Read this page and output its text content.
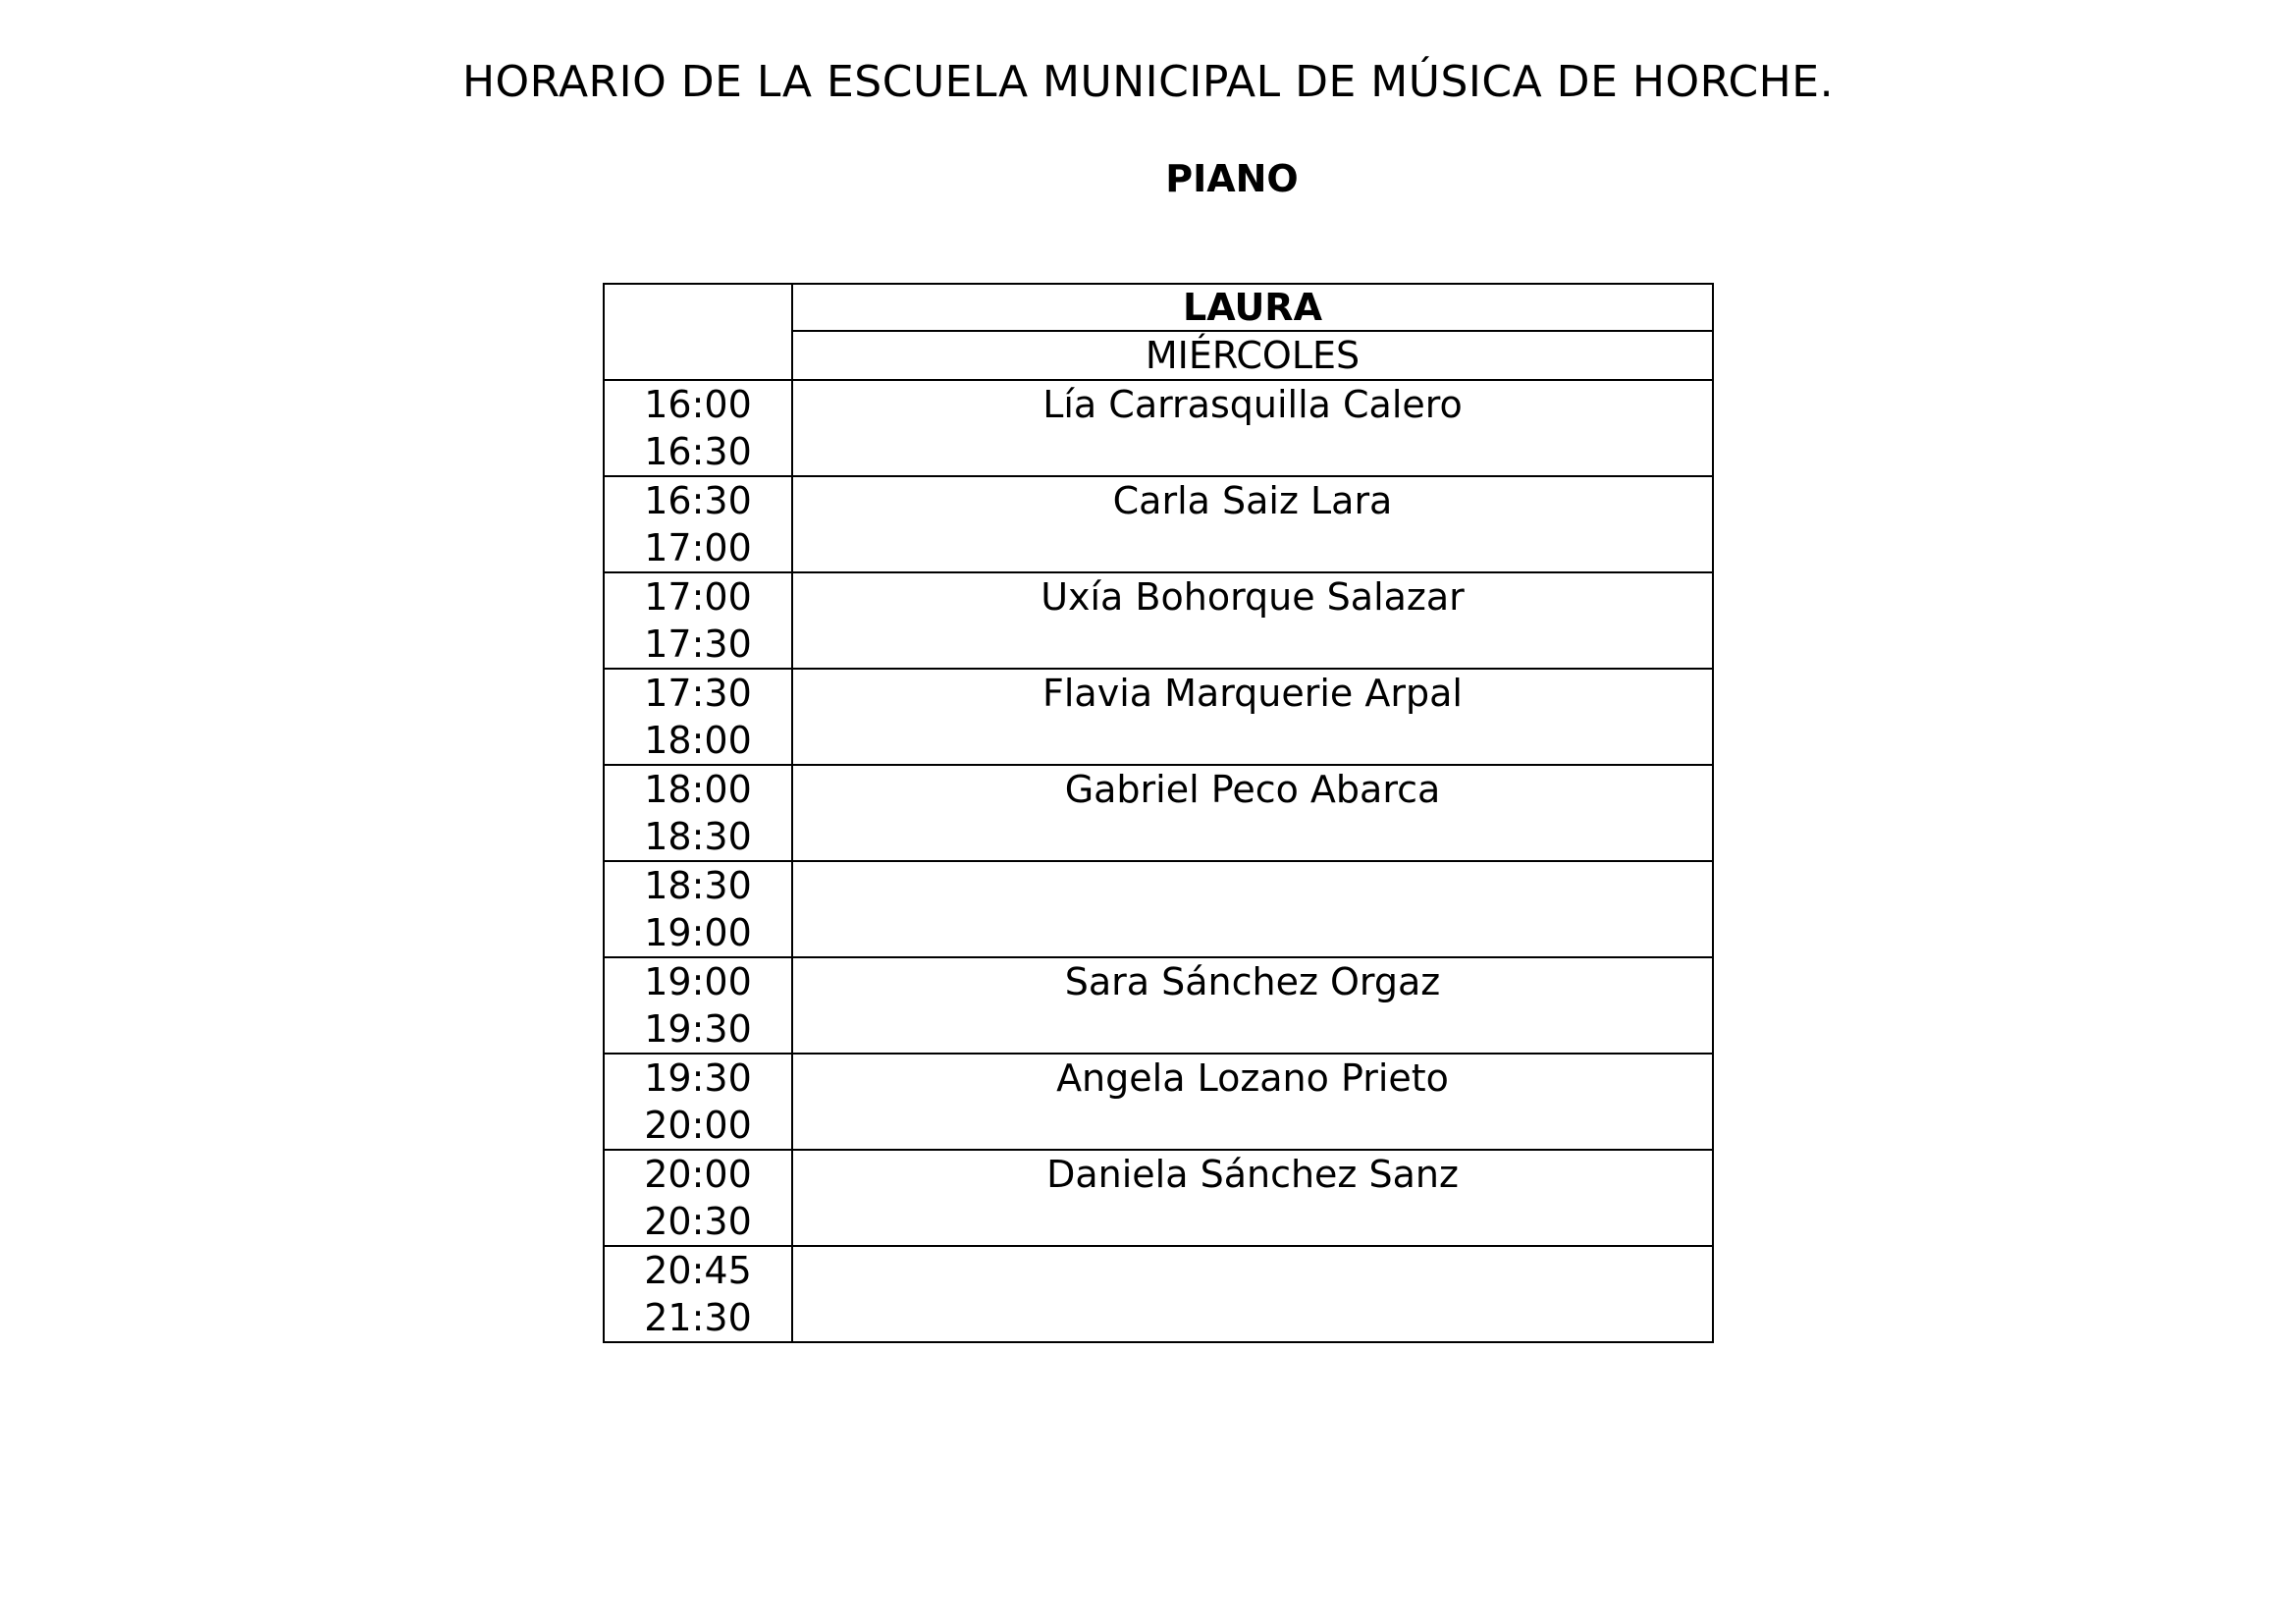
HORARIO DE LA ESCUELA MUNICIPAL DE MÚSICA DE HORCHE.
PIANO
	LAURA
	MIÉRCOLES

16:00
16:30	Lía Carrasquilla Calero

16:30
17:00	Carla Saiz Lara

17:00
17:30	Uxía Bohorque Salazar

17:30
18:00	Flavia Marquerie Arpal

18:00
18:30	Gabriel Peco Abarca

18:30
19:00	

19:00
19:30	Sara Sánchez Orgaz

19:30
20:00	Angela Lozano Prieto

20:00
20:30	Daniela Sánchez Sanz

20:45
21:30	
